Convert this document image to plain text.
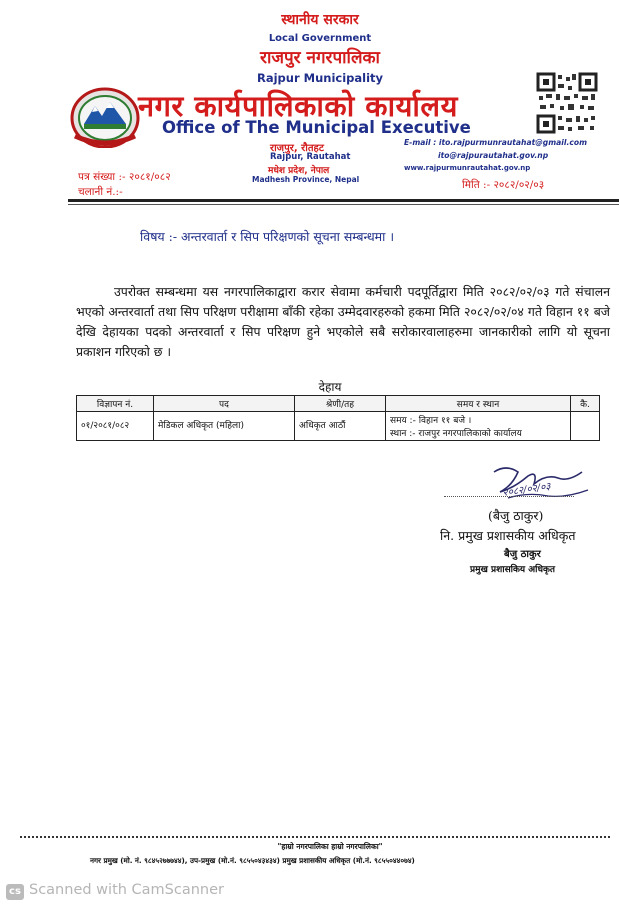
स्थानीय सरकार
Local Government
राजपुर नगरपालिका
Rajpur Municipality
नगर कार्यपालिकाको कार्यालय
Office of The Municipal Executive
राजपुर, रौतहट
Rajpur, Rautahat
मधेश प्रदेश, नेपाल
Madhesh Province, Nepal
E-mail : ito.rajpurmunrautahat@gmail.com
ito@rajpurautahat.gov.np
www.rajpurmunrautahat.gov.np
पत्र संख्या :- २०८१/०८२
चलानी नं.:-
मिति :- २०८२/०२/०३
विषय :- अन्तरवार्ता र सिप परिक्षणको सूचना सम्बन्धमा ।
उपरोक्त सम्बन्धमा यस नगरपालिकाद्वारा करार सेवामा कर्मचारी पदपूर्तिद्वारा मिति २०८२/०२/०३ गते संचालन भएको अन्तरवार्ता तथा सिप परिक्षण परीक्षामा बाँकी रहेका उम्मेदवारहरुको हकमा मिति २०८२/०२/०४ गते विहान ११ बजे देखि देहायका पदको अन्तरवार्ता र सिप परिक्षण हुने भएकोले सबै सरोकारवालाहरुमा जानकारीको लागि यो सूचना प्रकाशन गरिएको छ ।
देहाय
विज्ञापन नं.	पद	श्रेणी/तह	समय र स्थान	कै.
०१/२०८१/०८२	मेडिकल अधिकृत (महिला)	अधिकृत आठौं	समय :- विहान ११ बजे ।
स्थान :- राजपुर नगरपालिकाको कार्यालय	

२०८२/०२/०३
(बैजु ठाकुर)
नि. प्रमुख प्रशासकीय अधिकृत
बैजु ठाकुर
प्रमुख प्रशासकिय अधिकृत
"हाम्रो नगरपालिका हाम्रो नगरपालिका"
नगर प्रमुख (मो. नं. ९८४५२७७७४४), उप-प्रमुख (मो.नं. ९८५५०४३४३४) प्रमुख प्रशासकीय अधिकृत (मो.नं. ९८५५०४४०७४)
cs Scanned with CamScanner
